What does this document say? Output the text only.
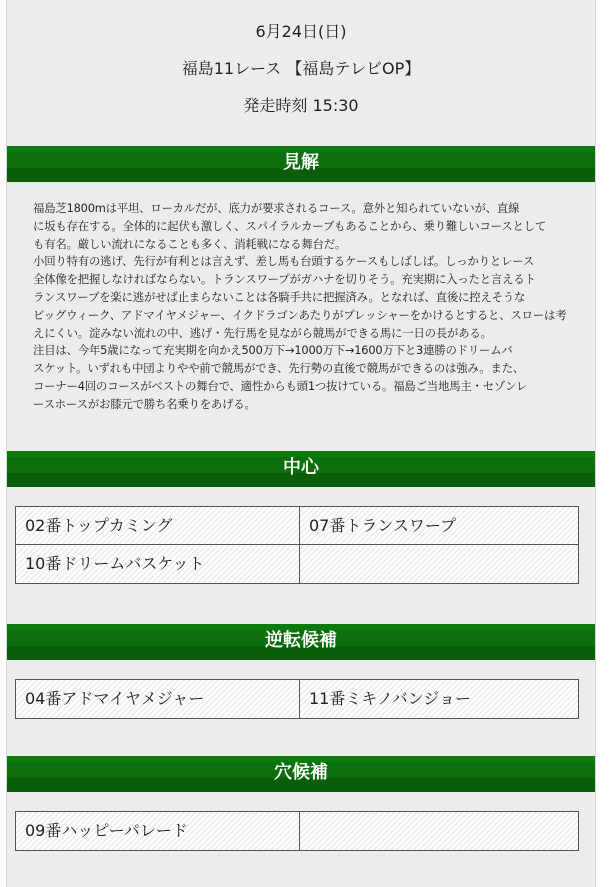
6月24日(日)
福島11レース 【福島テレビOP】
発走時刻 15:30
見解

福島芝1800mは平坦、ローカルだが、底力が要求されるコース。意外と知られていないが、直線

に坂も存在する。全体的に起伏も激しく、スパイラルカーブもあることから、乗り難しいコースとして

も有名。厳しい流れになることも多く、消耗戦になる舞台だ。

小回り特有の逃げ、先行が有利とは言えず、差し馬も台頭するケースもしばしば。しっかりとレース

全体像を把握しなければならない。トランスワープがガハナを切りそう。充実期に入ったと言えるト

ランスワープを楽に逃がせば止まらないことは各騎手共に把握済み。となれば、直後に控えそうな

ビッグウィーク、アドマイヤメジャー、イクドラゴンあたりがプレッシャーをかけるとすると、スローは考

えにくい。淀みない流れの中、逃げ・先行馬を見ながら競馬ができる馬に一日の長がある。

注目は、今年5歳になって充実期を向かえ500万下→1000万下→1600万下と3連勝のドリームバ

スケット。いずれも中団よりやや前で競馬ができ、先行勢の直後で競馬ができるのは強み。また、

コーナー4回のコースがベストの舞台で、適性からも頭1つ抜けている。福島ご当地馬主・セゾンレ

ースホースがお膝元で勝ち名乗りをあげる。

中心
02番トップカミング	07番トランスワープ
10番ドリームバスケット
逆転候補
04番アドマイヤメジャー	11番ミキノバンジョー
穴候補
09番ハッピーパレード
